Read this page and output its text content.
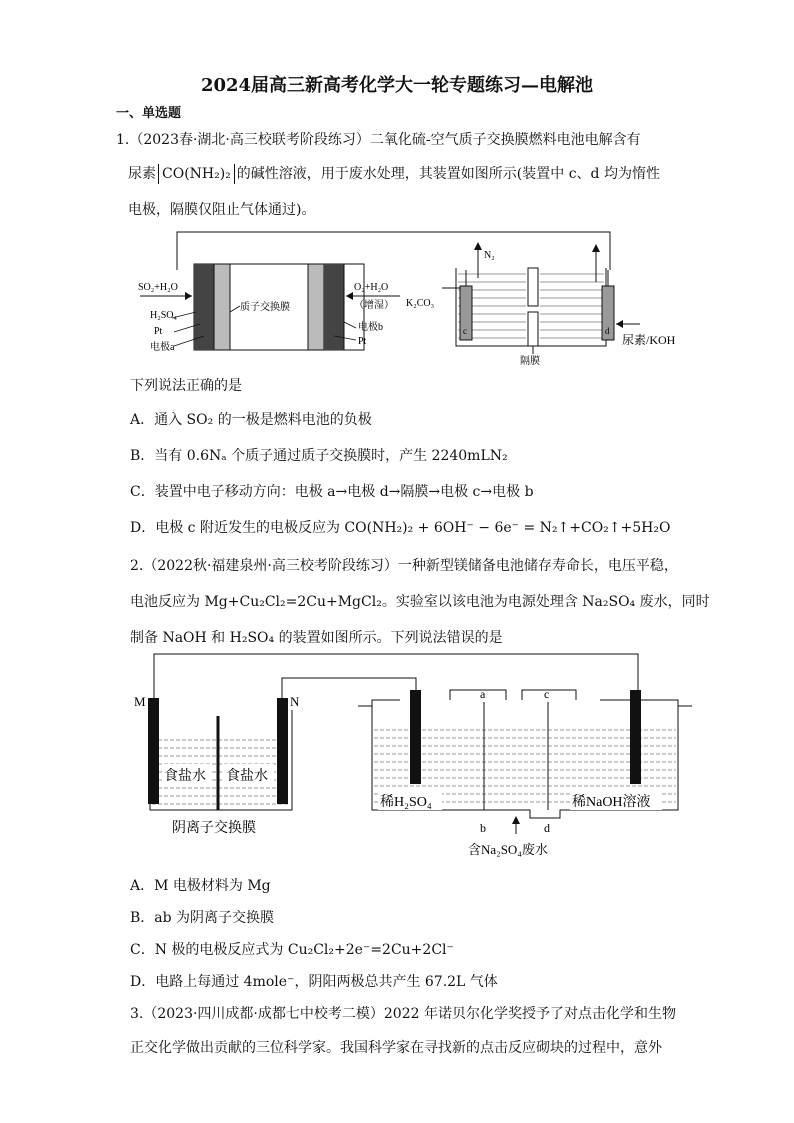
2024届高三新高考化学大一轮专题练习—电解池
一、单选题
1.（2023春·湖北·高三校联考阶段练习）二氧化硫-空气质子交换膜燃料电池电解含有
尿素 CO(NH₂)₂ 的碱性溶液，用于废水处理，其装置如图所示(装置中 c、d 均为惰性
电极，隔膜仅阻止气体通过)。
SO₂+H₂O
H₂SO₄
Pt
电极a
质子交换膜
O₂+H₂O
（增湿）
电极b
Pt
N₂
K₂CO₃
c	d
尿素/KOH
隔膜
下列说法正确的是
A．通入 SO₂ 的一极是燃料电池的负极
B．当有 0.6Nₐ 个质子通过质子交换膜时，产生 2240mLN₂
C．装置中电子移动方向：电极 a→电极 d→隔膜→电极 c→电极 b
D．电极 c 附近发生的电极反应为 CO(NH₂)₂ + 6OH⁻ − 6e⁻ = N₂↑+CO₂↑+5H₂O
2.（2022秋·福建泉州·高三校考阶段练习）一种新型镁储备电池储存寿命长，电压平稳，
电池反应为 Mg+Cu₂Cl₂=2Cu+MgCl₂。实验室以该电池为电源处理含 Na₂SO₄ 废水，同时
制备 NaOH 和 H₂SO₄ 的装置如图所示。下列说法错误的是
M	N
食盐水 食盐水
阴离子交换膜
a	c
b	d
稀H₂SO₄	稀NaOH溶液
含Na₂SO₄废水
A．M 电极材料为 Mg
B．ab 为阴离子交换膜
C．N 极的电极反应式为 Cu₂Cl₂+2e⁻=2Cu+2Cl⁻
D．电路上每通过 4mole⁻，阴阳两极总共产生 67.2L 气体
3.（2023·四川成都·成都七中校考二模）2022 年诺贝尔化学奖授予了对点击化学和生物
正交化学做出贡献的三位科学家。我国科学家在寻找新的点击反应砌块的过程中，意外
